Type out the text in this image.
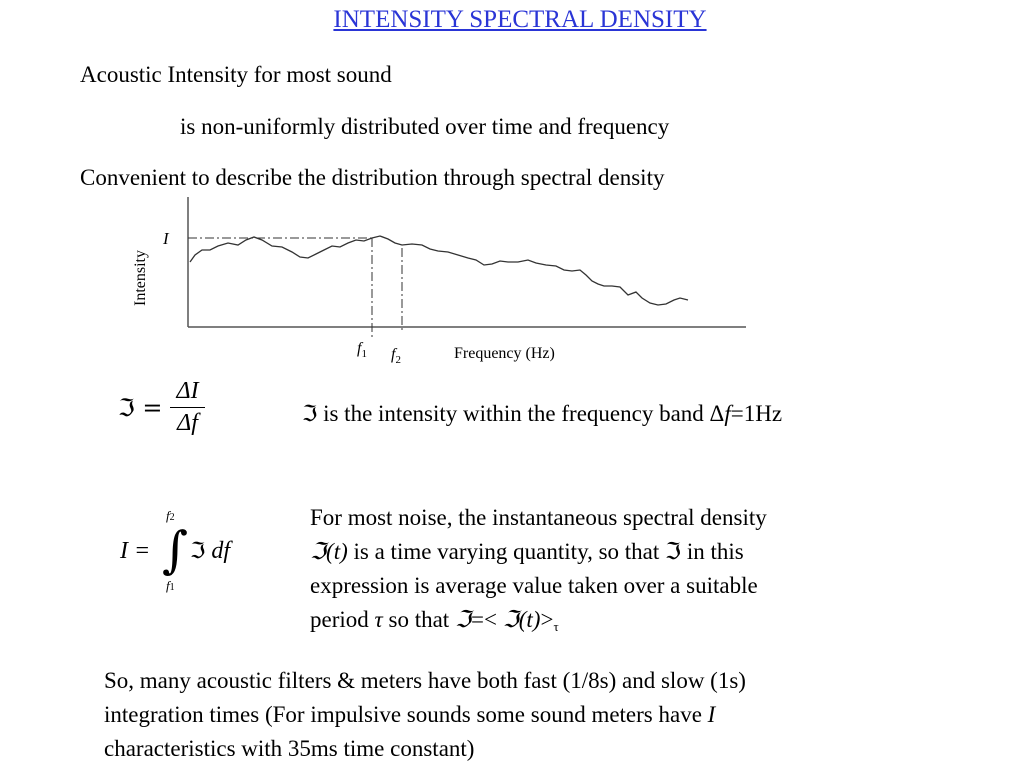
INTENSITY SPECTRAL DENSITY
Acoustic Intensity for most sound
is non-uniformly distributed over time and frequency
Convenient to describe the distribution through spectral density
Intensity
I
$f_1$ $f_2$	Frequency (Hz)
ℑ = $\frac{\Delta I}{\Delta f}$	ℑ is the intensity within the frequency band Δf=1Hz
I =
f2
∫
f1
ℑ df
For most noise, the instantaneous spectral density
ℑ(t) is a time varying quantity, so that ℑ in this
expression is average value taken over a suitable
period τ so that ℑ=< $ℑ(t)>_\tau$
So, many acoustic filters & meters have both fast (1/8s) and slow (1s)
integration times (For impulsive sounds some sound meters have I
characteristics with 35ms time constant)
